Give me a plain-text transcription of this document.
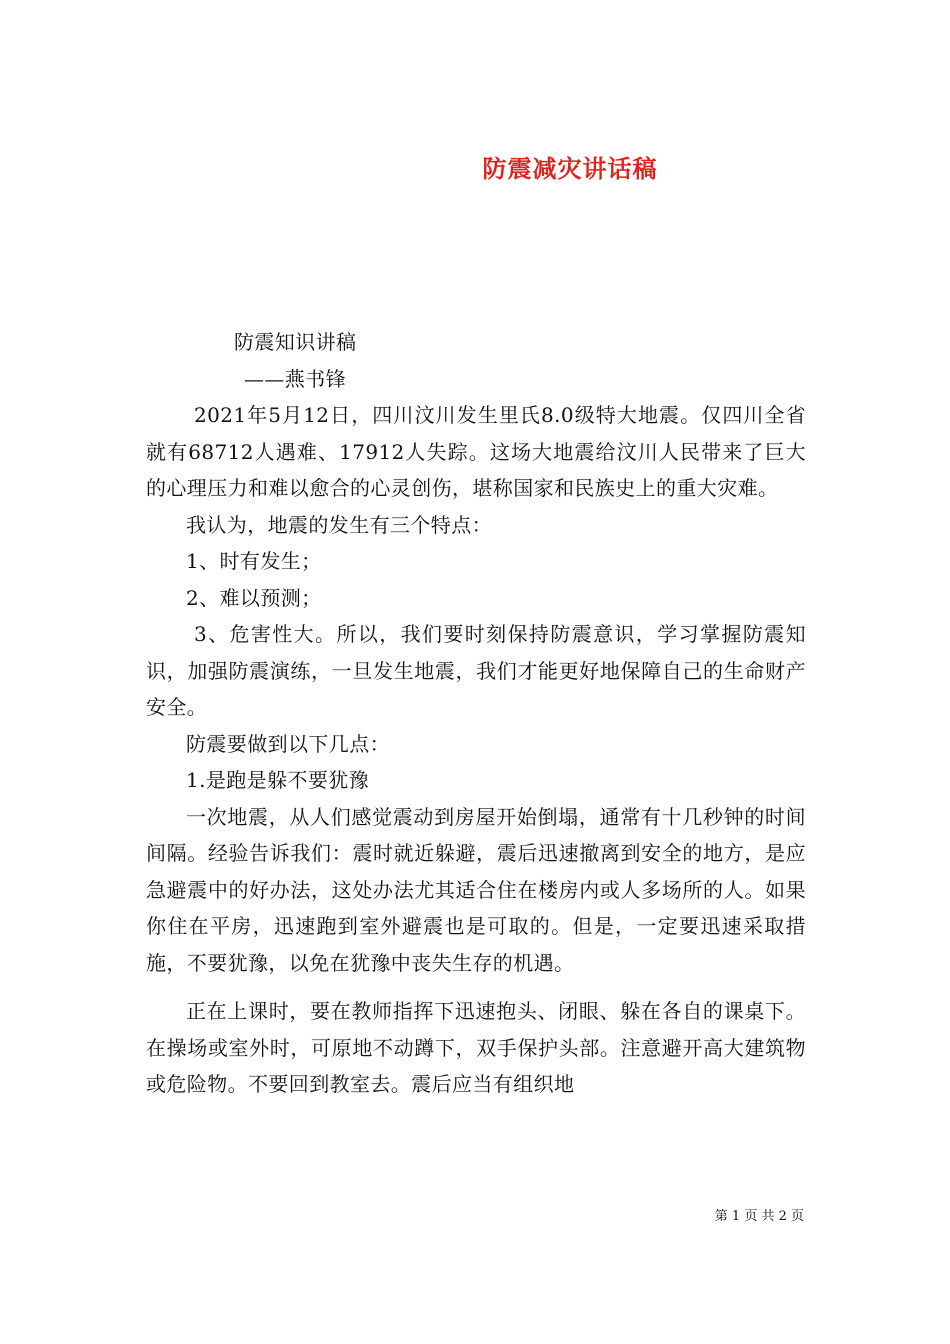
防震减灾讲话稿

防震知识讲稿

——燕书锋

2021年5月12日，四川汶川发生里氏8.0级特大地震。仅四川全省就有68712人遇难、17912人失踪。这场大地震给汶川人民带来了巨大的心理压力和难以愈合的心灵创伤，堪称国家和民族史上的重大灾难。

我认为，地震的发生有三个特点：

1、时有发生；

2、难以预测；

3、危害性大。所以，我们要时刻保持防震意识，学习掌握防震知识，加强防震演练，一旦发生地震，我们才能更好地保障自己的生命财产安全。

防震要做到以下几点：

1.是跑是躲不要犹豫

一次地震，从人们感觉震动到房屋开始倒塌，通常有十几秒钟的时间间隔。经验告诉我们：震时就近躲避，震后迅速撤离到安全的地方，是应急避震中的好办法，这处办法尤其适合住在楼房内或人多场所的人。如果你住在平房，迅速跑到室外避震也是可取的。但是，一定要迅速采取措施，不要犹豫，以免在犹豫中丧失生存的机遇。

正在上课时，要在教师指挥下迅速抱头、闭眼、躲在各自的课桌下。在操场或室外时，可原地不动蹲下，双手保护头部。注意避开高大建筑物或危险物。不要回到教室去。震后应当有组织地

第 1 页 共 2 页
